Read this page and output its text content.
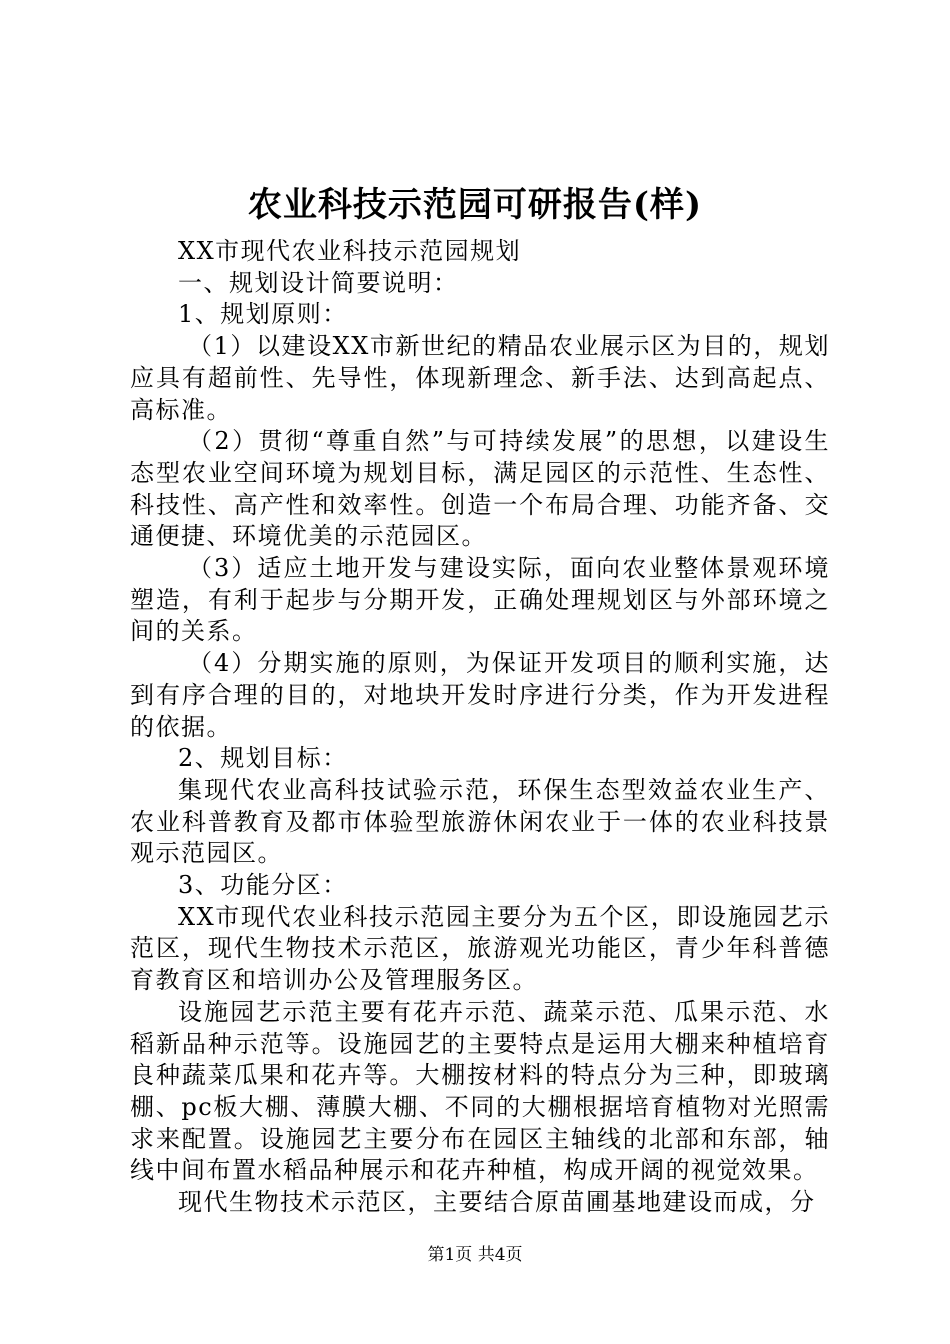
农业科技示范园可研报告(样)

XX市现代农业科技示范园规划

一、规划设计简要说明：

1、规划原则：

（1）以建设XX市新世纪的精品农业展示区为目的，规划应具有超前性、先导性，体现新理念、新手法、达到高起点、高标准。

（2）贯彻“尊重自然”与可持续发展”的思想，以建设生态型农业空间环境为规划目标，满足园区的示范性、生态性、科技性、高产性和效率性。创造一个布局合理、功能齐备、交通便捷、环境优美的示范园区。

（3）适应土地开发与建设实际，面向农业整体景观环境塑造，有利于起步与分期开发，正确处理规划区与外部环境之间的关系。

（4）分期实施的原则，为保证开发项目的顺利实施，达到有序合理的目的，对地块开发时序进行分类，作为开发进程的依据。

2、规划目标：

集现代农业高科技试验示范，环保生态型效益农业生产、农业科普教育及都市体验型旅游休闲农业于一体的农业科技景观示范园区。

3、功能分区：

XX市现代农业科技示范园主要分为五个区，即设施园艺示范区，现代生物技术示范区，旅游观光功能区，青少年科普德育教育区和培训办公及管理服务区。

设施园艺示范主要有花卉示范、蔬菜示范、瓜果示范、水稻新品种示范等。设施园艺的主要特点是运用大棚来种植培育良种蔬菜瓜果和花卉等。大棚按材料的特点分为三种，即玻璃棚、pc板大棚、薄膜大棚、不同的大棚根据培育植物对光照需求来配置。设施园艺主要分布在园区主轴线的北部和东部，轴线中间布置水稻品种展示和花卉种植，构成开阔的视觉效果。

现代生物技术示范区，主要结合原苗圃基地建设而成，分

第1页 共4页
